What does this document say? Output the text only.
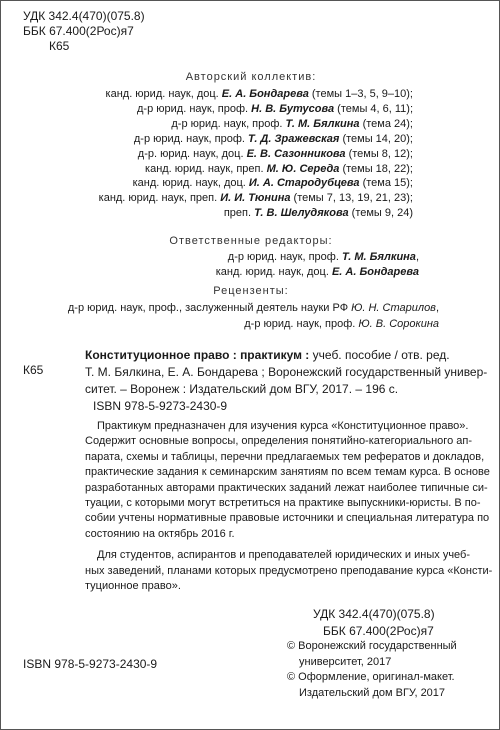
УДК 342.4(470)(075.8)
ББК 67.400(2Рос)я7
К65
Авторский коллектив:
канд. юрид. наук, доц. Е. А. Бондарева (темы 1–3, 5, 9–10);
д-р юрид. наук, проф. Н. В. Бутусова (темы 4, 6, 11);
д-р юрид. наук, проф. Т. М. Бялкина (тема 24);
д-р юрид. наук, проф. Т. Д. Зражевская (темы 14, 20);
д-р. юрид. наук, доц. Е. В. Сазонникова (темы 8, 12);
канд. юрид. наук, преп. М. Ю. Середа (темы 18, 22);
канд. юрид. наук, доц. И. А. Стародубцева (тема 15);
канд. юрид. наук, преп. И. И. Тюнина (темы 7, 13, 19, 21, 23);
преп. Т. В. Шелудякова (темы 9, 24)
Ответственные редакторы:
д-р юрид. наук, проф. Т. М. Бялкина,
канд. юрид. наук, доц. Е. А. Бондарева
Рецензенты:
д-р юрид. наук, проф., заслуженный деятель науки РФ Ю. Н. Старилов,
д-р юрид. наук, проф. Ю. В. Сорокина
К65
Конституционное право : практикум : учеб. пособие / отв. ред.
Т. М. Бялкина, Е. А. Бондарева ; Воронежский государственный универ-
ситет. – Воронеж : Издательский дом ВГУ, 2017. – 196 с.
ISBN 978-5-9273-2430-9
Практикум предназначен для изучения курса «Конституционное право».
Содержит основные вопросы, определения понятийно-категориального ап-
парата, схемы и таблицы, перечни предлагаемых тем рефератов и докладов,
практические задания к семинарским занятиям по всем темам курса. В основе
разработанных авторами практических заданий лежат наиболее типичные си-
туации, с которыми могут встретиться на практике выпускники-юристы. В по-
собии учтены нормативные правовые источники и специальная литература по
состоянию на октябрь 2016 г.
Для студентов, аспирантов и преподавателей юридических и иных учеб-
ных заведений, планами которых предусмотрено преподавание курса «Консти-
туционное право».
УДК 342.4(470)(075.8)
ББК 67.400(2Рос)я7
ISBN 978-5-9273-2430-9
© Воронежский государственный
университет, 2017
© Оформление, оригинал-макет.
Издательский дом ВГУ, 2017
